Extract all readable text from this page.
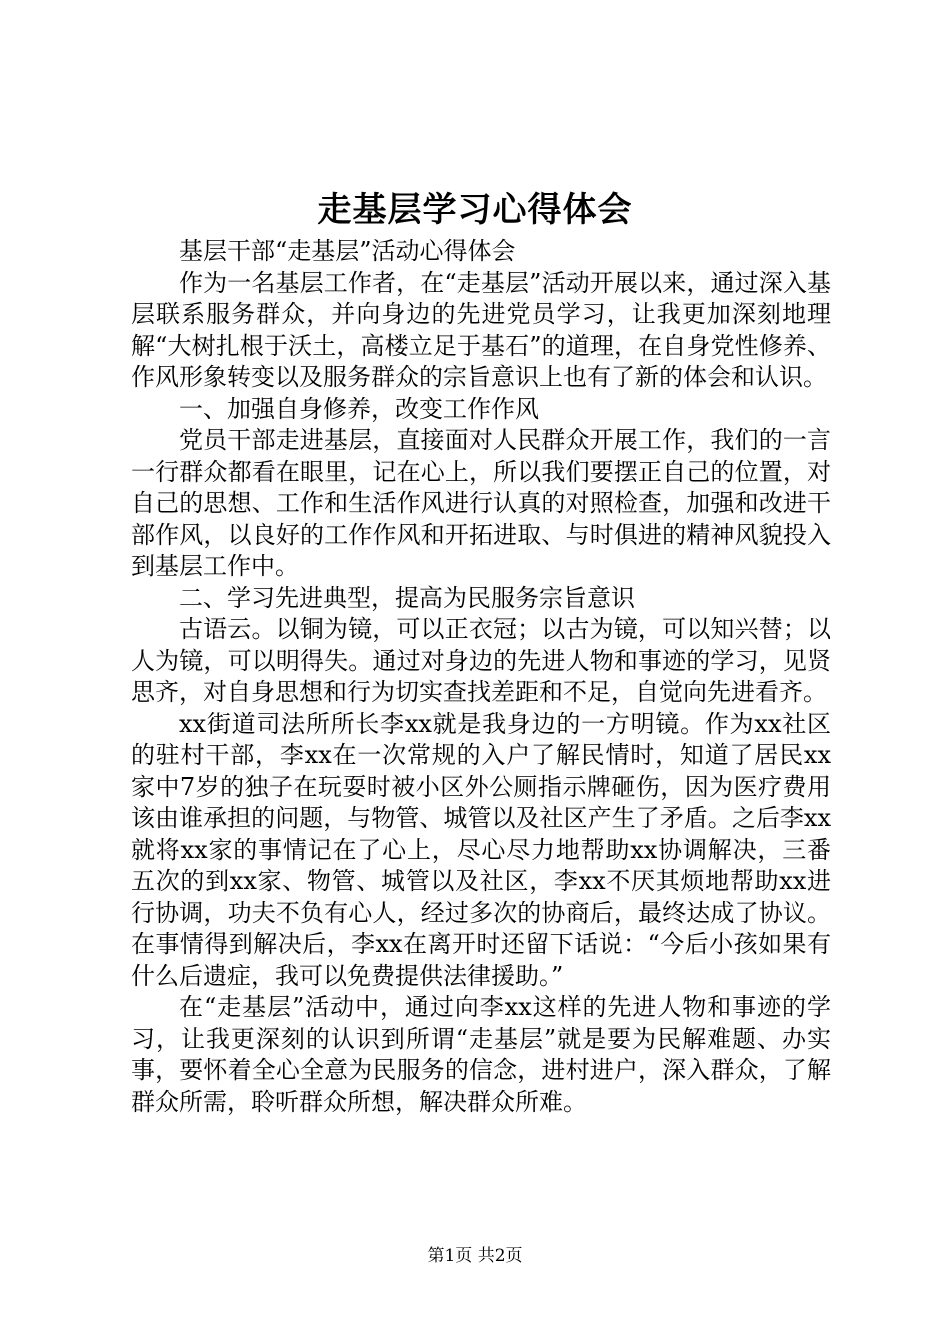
走基层学习心得体会

基层干部“走基层”活动心得体会

作为一名基层工作者，在“走基层”活动开展以来，通过深入基层联系服务群众，并向身边的先进党员学习，让我更加深刻地理解“大树扎根于沃土，高楼立足于基石”的道理，在自身党性修养、作风形象转变以及服务群众的宗旨意识上也有了新的体会和认识。

一、加强自身修养，改变工作作风

党员干部走进基层，直接面对人民群众开展工作，我们的一言一行群众都看在眼里，记在心上，所以我们要摆正自己的位置，对自己的思想、工作和生活作风进行认真的对照检查，加强和改进干部作风，以良好的工作作风和开拓进取、与时俱进的精神风貌投入到基层工作中。

二、学习先进典型，提高为民服务宗旨意识

古语云。以铜为镜，可以正衣冠；以古为镜，可以知兴替；以人为镜，可以明得失。通过对身边的先进人物和事迹的学习，见贤思齐，对自身思想和行为切实查找差距和不足，自觉向先进看齐。

xx街道司法所所长李xx就是我身边的一方明镜。作为xx社区的驻村干部，李xx在一次常规的入户了解民情时，知道了居民xx家中7岁的独子在玩耍时被小区外公厕指示牌砸伤，因为医疗费用该由谁承担的问题，与物管、城管以及社区产生了矛盾。之后李xx就将xx家的事情记在了心上，尽心尽力地帮助xx协调解决，三番五次的到xx家、物管、城管以及社区，李xx不厌其烦地帮助xx进行协调，功夫不负有心人，经过多次的协商后，最终达成了协议。在事情得到解决后，李xx在离开时还留下话说：“今后小孩如果有什么后遗症，我可以免费提供法律援助。”

在“走基层”活动中，通过向李xx这样的先进人物和事迹的学习，让我更深刻的认识到所谓“走基层”就是要为民解难题、办实事，要怀着全心全意为民服务的信念，进村进户，深入群众，了解群众所需，聆听群众所想，解决群众所难。

第1页 共2页
